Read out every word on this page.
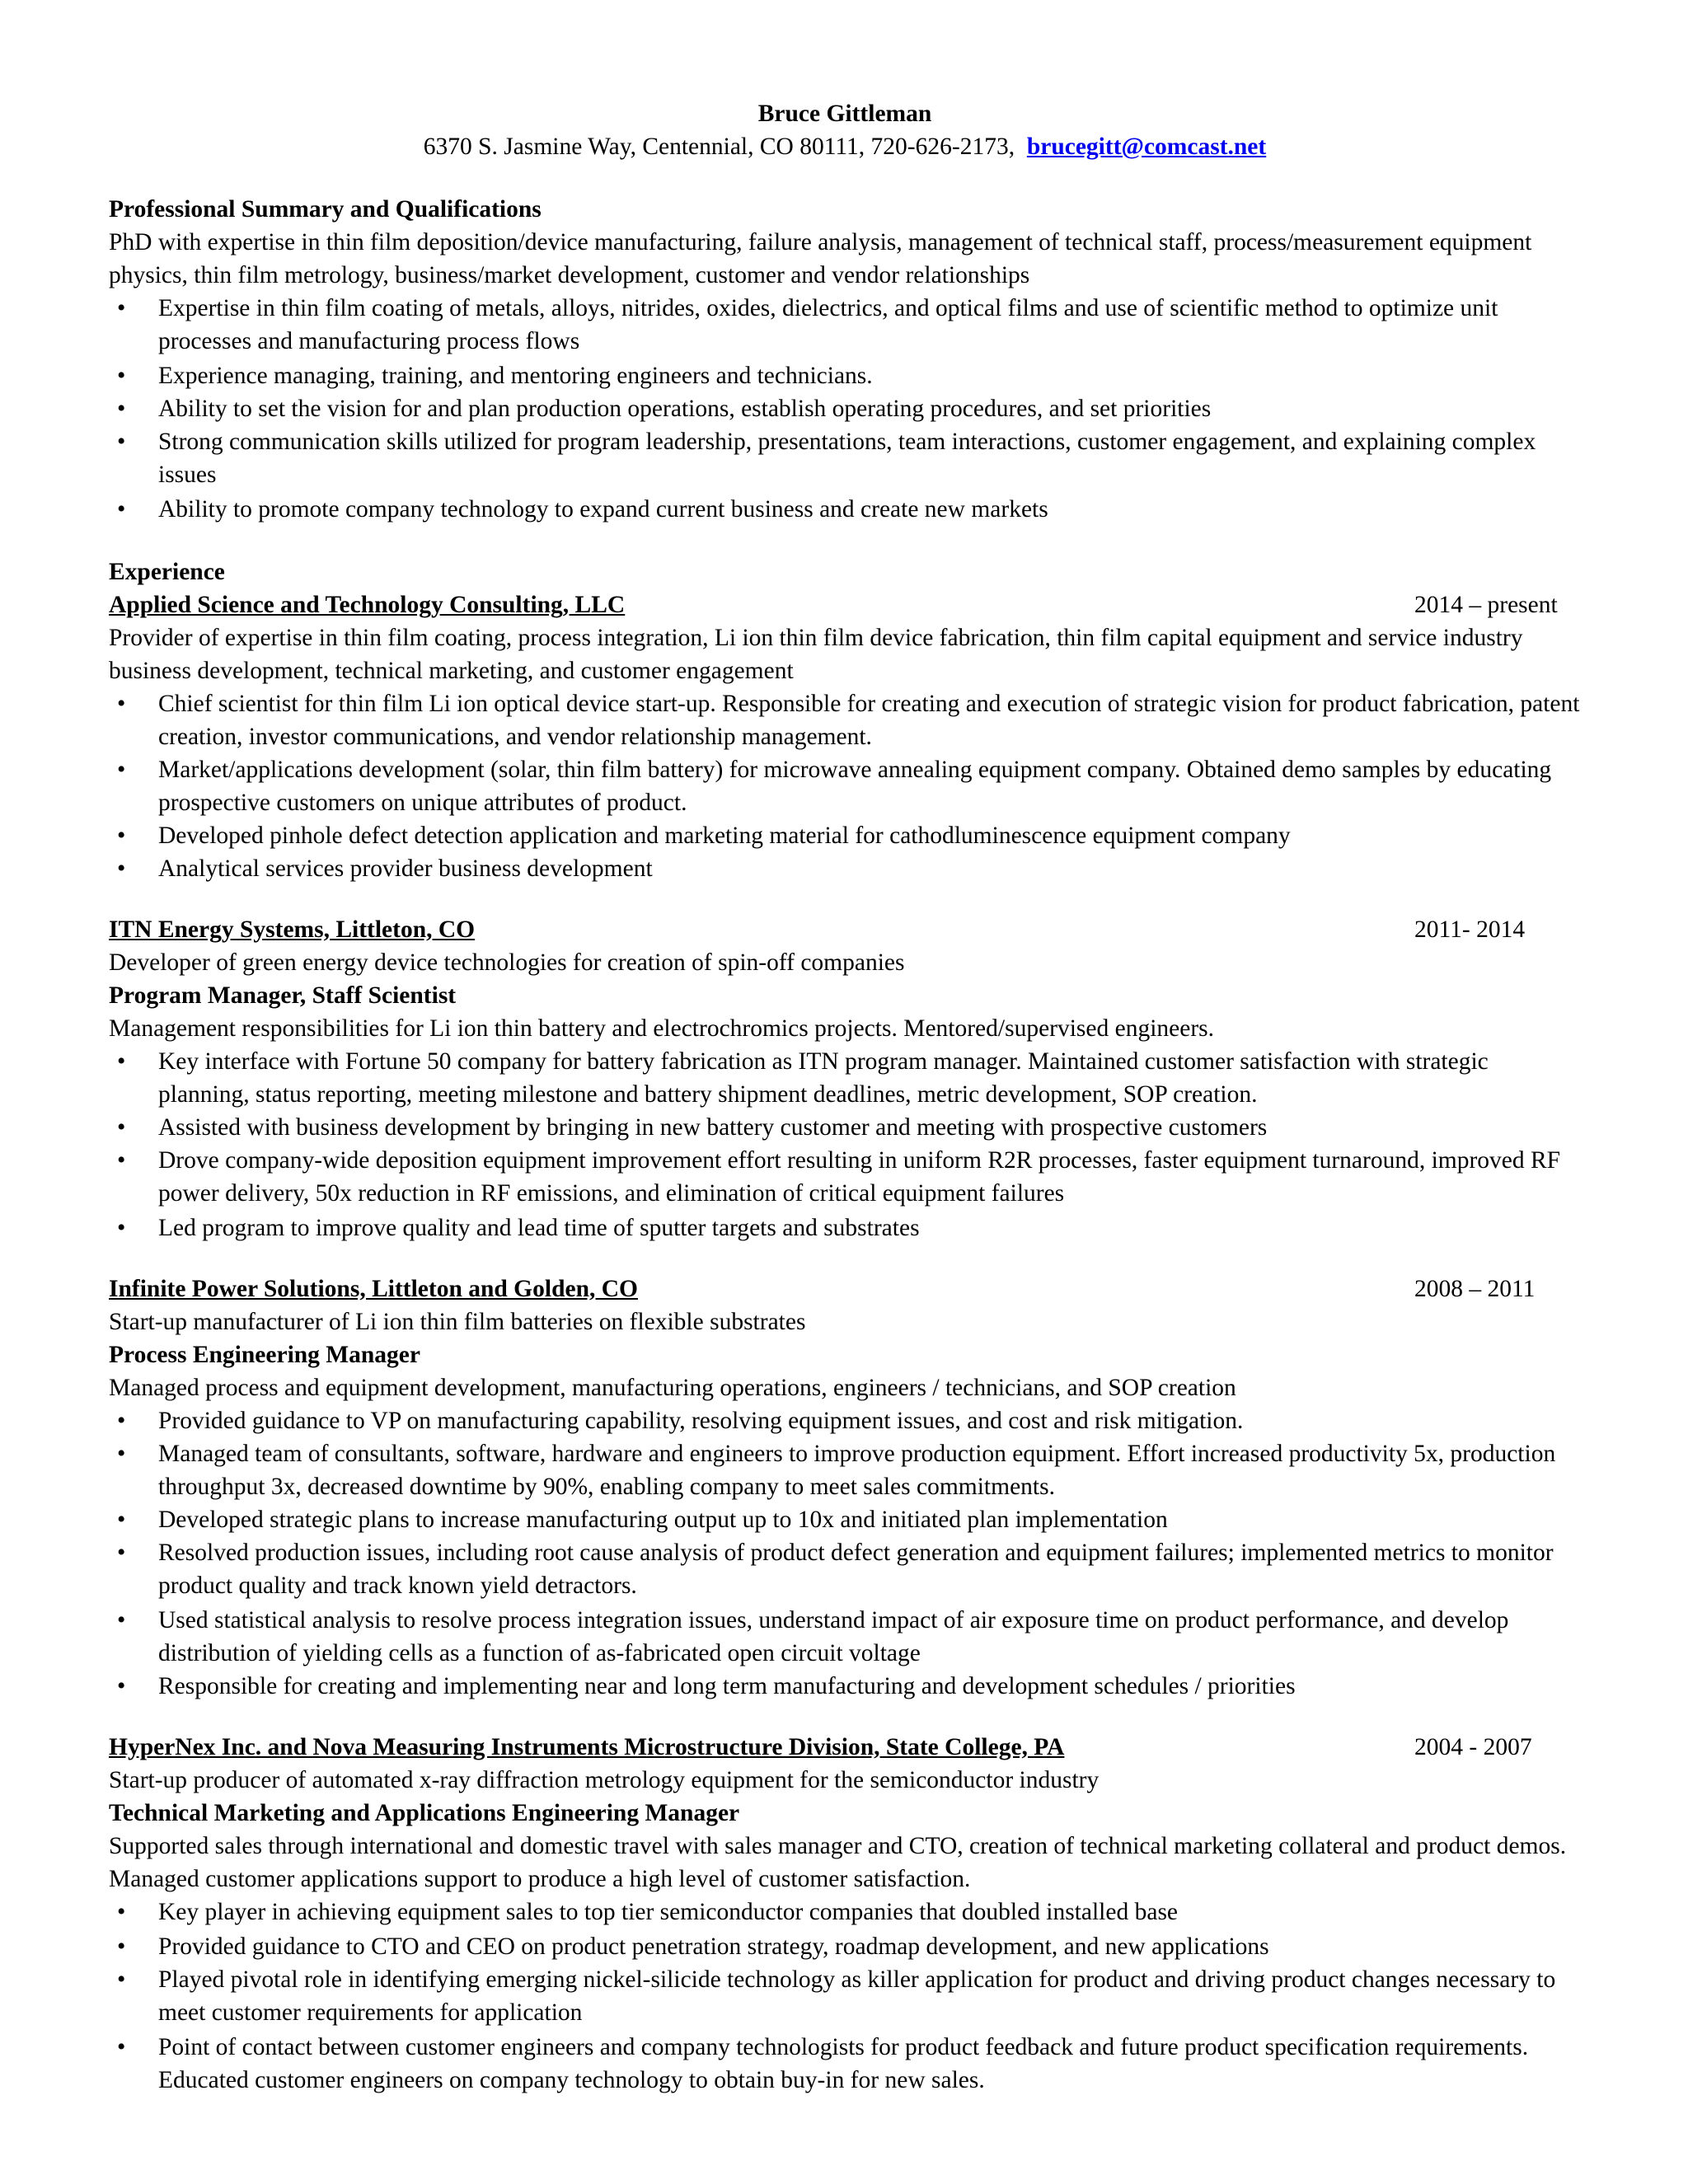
Bruce Gittleman
6370 S. Jasmine Way, Centennial, CO 80111, 720-626-2173, brucegitt@comcast.net
Professional Summary and Qualifications
PhD with expertise in thin film deposition/device manufacturing, failure analysis, management of technical staff, process/measurement equipment physics, thin film metrology, business/market development, customer and vendor relationships
• Expertise in thin film coating of metals, alloys, nitrides, oxides, dielectrics, and optical films and use of scientific method to optimize unit processes and manufacturing process flows
• Experience managing, training, and mentoring engineers and technicians.
• Ability to set the vision for and plan production operations, establish operating procedures, and set priorities
• Strong communication skills utilized for program leadership, presentations, team interactions, customer engagement, and explaining complex issues
• Ability to promote company technology to expand current business and create new markets
Experience
Applied Science and Technology Consulting, LLC	2014 – present
Provider of expertise in thin film coating, process integration, Li ion thin film device fabrication, thin film capital equipment and service industry business development, technical marketing, and customer engagement
• Chief scientist for thin film Li ion optical device start-up. Responsible for creating and execution of strategic vision for product fabrication, patent creation, investor communications, and vendor relationship management.
• Market/applications development (solar, thin film battery) for microwave annealing equipment company. Obtained demo samples by educating prospective customers on unique attributes of product.
• Developed pinhole defect detection application and marketing material for cathodluminescence equipment company
• Analytical services provider business development
ITN Energy Systems, Littleton, CO	2011- 2014
Developer of green energy device technologies for creation of spin-off companies
Program Manager, Staff Scientist
Management responsibilities for Li ion thin battery and electrochromics projects. Mentored/supervised engineers.
• Key interface with Fortune 50 company for battery fabrication as ITN program manager. Maintained customer satisfaction with strategic planning, status reporting, meeting milestone and battery shipment deadlines, metric development, SOP creation.
• Assisted with business development by bringing in new battery customer and meeting with prospective customers
• Drove company-wide deposition equipment improvement effort resulting in uniform R2R processes, faster equipment turnaround, improved RF power delivery, 50x reduction in RF emissions, and elimination of critical equipment failures
• Led program to improve quality and lead time of sputter targets and substrates
Infinite Power Solutions, Littleton and Golden, CO	2008 – 2011
Start-up manufacturer of Li ion thin film batteries on flexible substrates
Process Engineering Manager
Managed process and equipment development, manufacturing operations, engineers / technicians, and SOP creation
• Provided guidance to VP on manufacturing capability, resolving equipment issues, and cost and risk mitigation.
• Managed team of consultants, software, hardware and engineers to improve production equipment. Effort increased productivity 5x, production throughput 3x, decreased downtime by 90%, enabling company to meet sales commitments.
• Developed strategic plans to increase manufacturing output up to 10x and initiated plan implementation
• Resolved production issues, including root cause analysis of product defect generation and equipment failures; implemented metrics to monitor product quality and track known yield detractors.
• Used statistical analysis to resolve process integration issues, understand impact of air exposure time on product performance, and develop distribution of yielding cells as a function of as-fabricated open circuit voltage
• Responsible for creating and implementing near and long term manufacturing and development schedules / priorities
HyperNex Inc. and Nova Measuring Instruments Microstructure Division, State College, PA	2004 - 2007
Start-up producer of automated x-ray diffraction metrology equipment for the semiconductor industry
Technical Marketing and Applications Engineering Manager
Supported sales through international and domestic travel with sales manager and CTO, creation of technical marketing collateral and product demos. Managed customer applications support to produce a high level of customer satisfaction.
• Key player in achieving equipment sales to top tier semiconductor companies that doubled installed base
• Provided guidance to CTO and CEO on product penetration strategy, roadmap development, and new applications
• Played pivotal role in identifying emerging nickel-silicide technology as killer application for product and driving product changes necessary to meet customer requirements for application
• Point of contact between customer engineers and company technologists for product feedback and future product specification requirements. Educated customer engineers on company technology to obtain buy-in for new sales.
